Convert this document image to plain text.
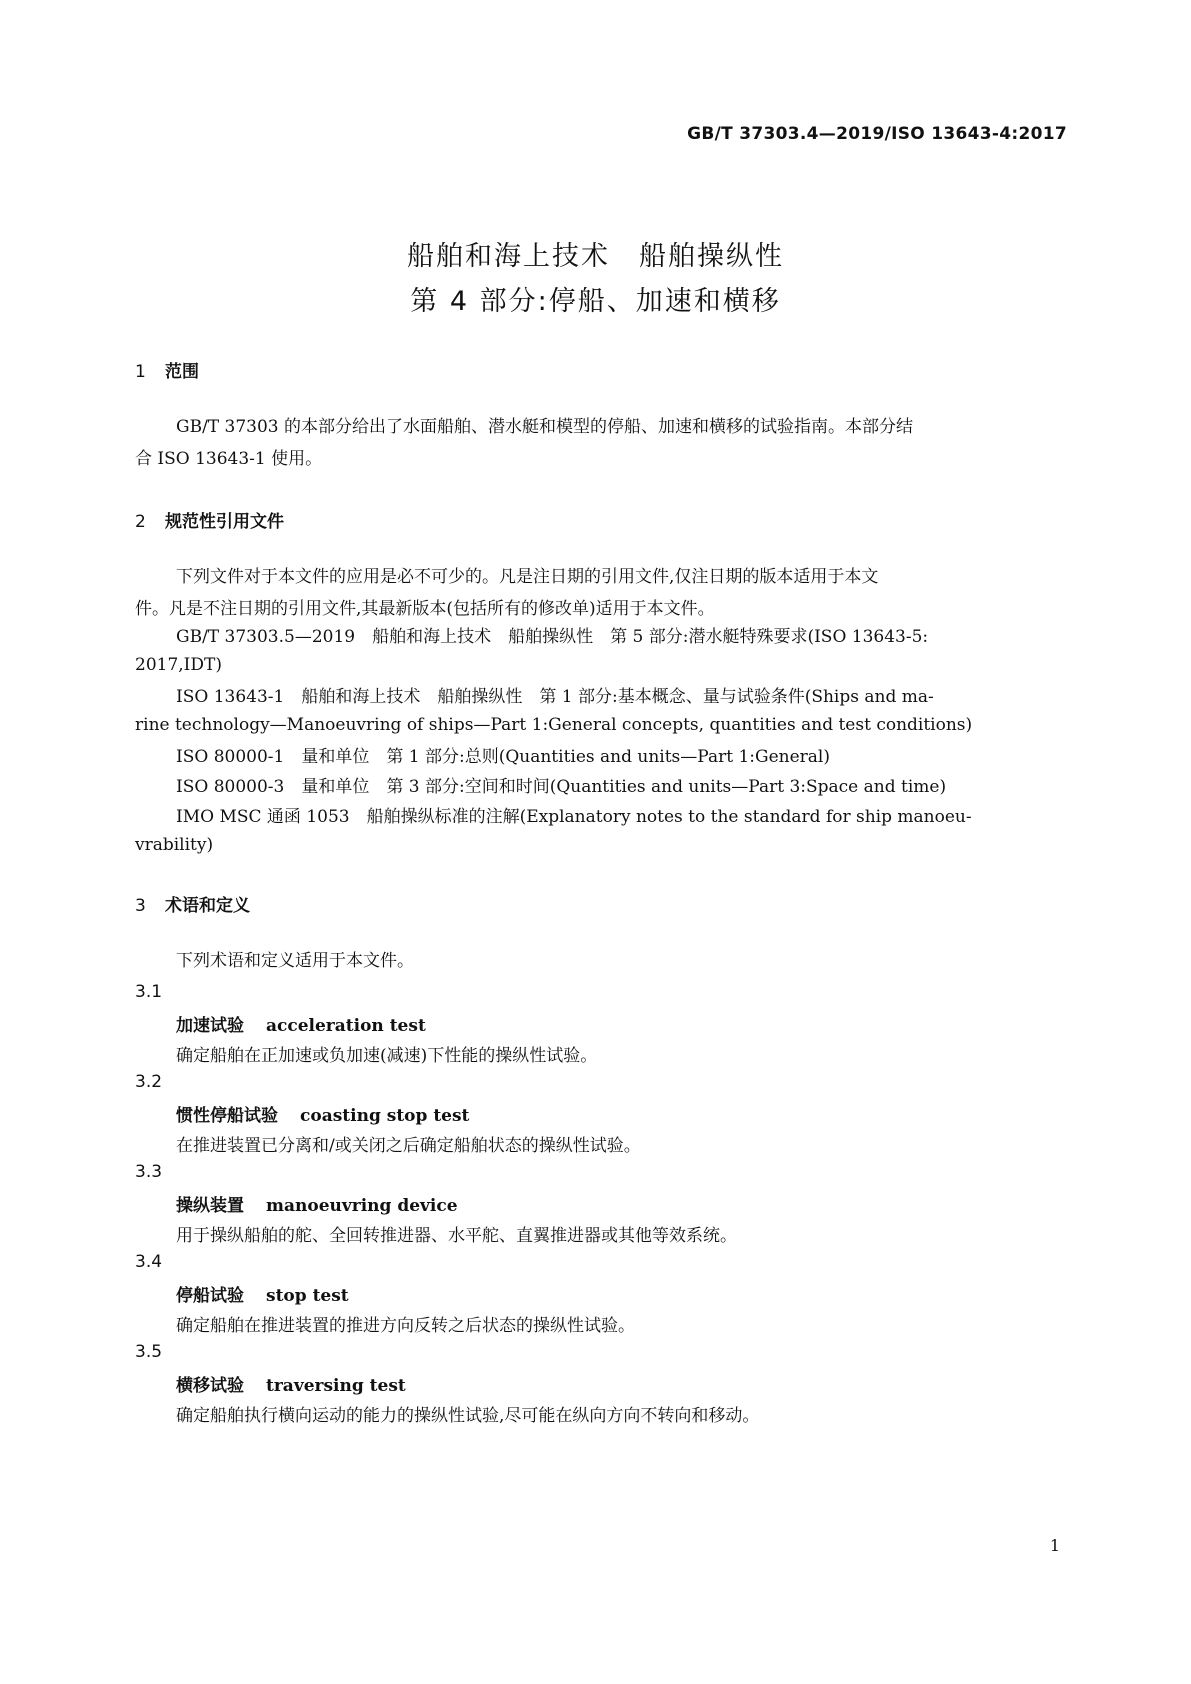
GB/T 37303.4—2019/ISO 13643-4:2017
船舶和海上技术　船舶操纵性
第 4 部分:停船、加速和横移
1 范围
GB/T 37303 的本部分给出了水面船舶、潜水艇和模型的停船、加速和横移的试验指南。本部分结
合 ISO 13643-1 使用。
2 规范性引用文件
下列文件对于本文件的应用是必不可少的。凡是注日期的引用文件,仅注日期的版本适用于本文
件。凡是不注日期的引用文件,其最新版本(包括所有的修改单)适用于本文件。
GB/T 37303.5—2019　船舶和海上技术　船舶操纵性　第 5 部分:潜水艇特殊要求(ISO 13643-5:
2017,IDT)
ISO 13643-1　船舶和海上技术　船舶操纵性　第 1 部分:基本概念、量与试验条件(Ships and ma-
rine technology—Manoeuvring of ships—Part 1:General concepts, quantities and test conditions)
ISO 80000-1　量和单位　第 1 部分:总则(Quantities and units—Part 1:General)
ISO 80000-3　量和单位　第 3 部分:空间和时间(Quantities and units—Part 3:Space and time)
IMO MSC 通函 1053　船舶操纵标准的注解(Explanatory notes to the standard for ship manoeu-
vrability)
3 术语和定义
下列术语和定义适用于本文件。
3.1
加速试验 acceleration test
确定船舶在正加速或负加速(减速)下性能的操纵性试验。
3.2
惯性停船试验 coasting stop test
在推进装置已分离和/或关闭之后确定船舶状态的操纵性试验。
3.3
操纵装置 manoeuvring device
用于操纵船舶的舵、全回转推进器、水平舵、直翼推进器或其他等效系统。
3.4
停船试验 stop test
确定船舶在推进装置的推进方向反转之后状态的操纵性试验。
3.5
横移试验 traversing test
确定船舶执行横向运动的能力的操纵性试验,尽可能在纵向方向不转向和移动。
1
